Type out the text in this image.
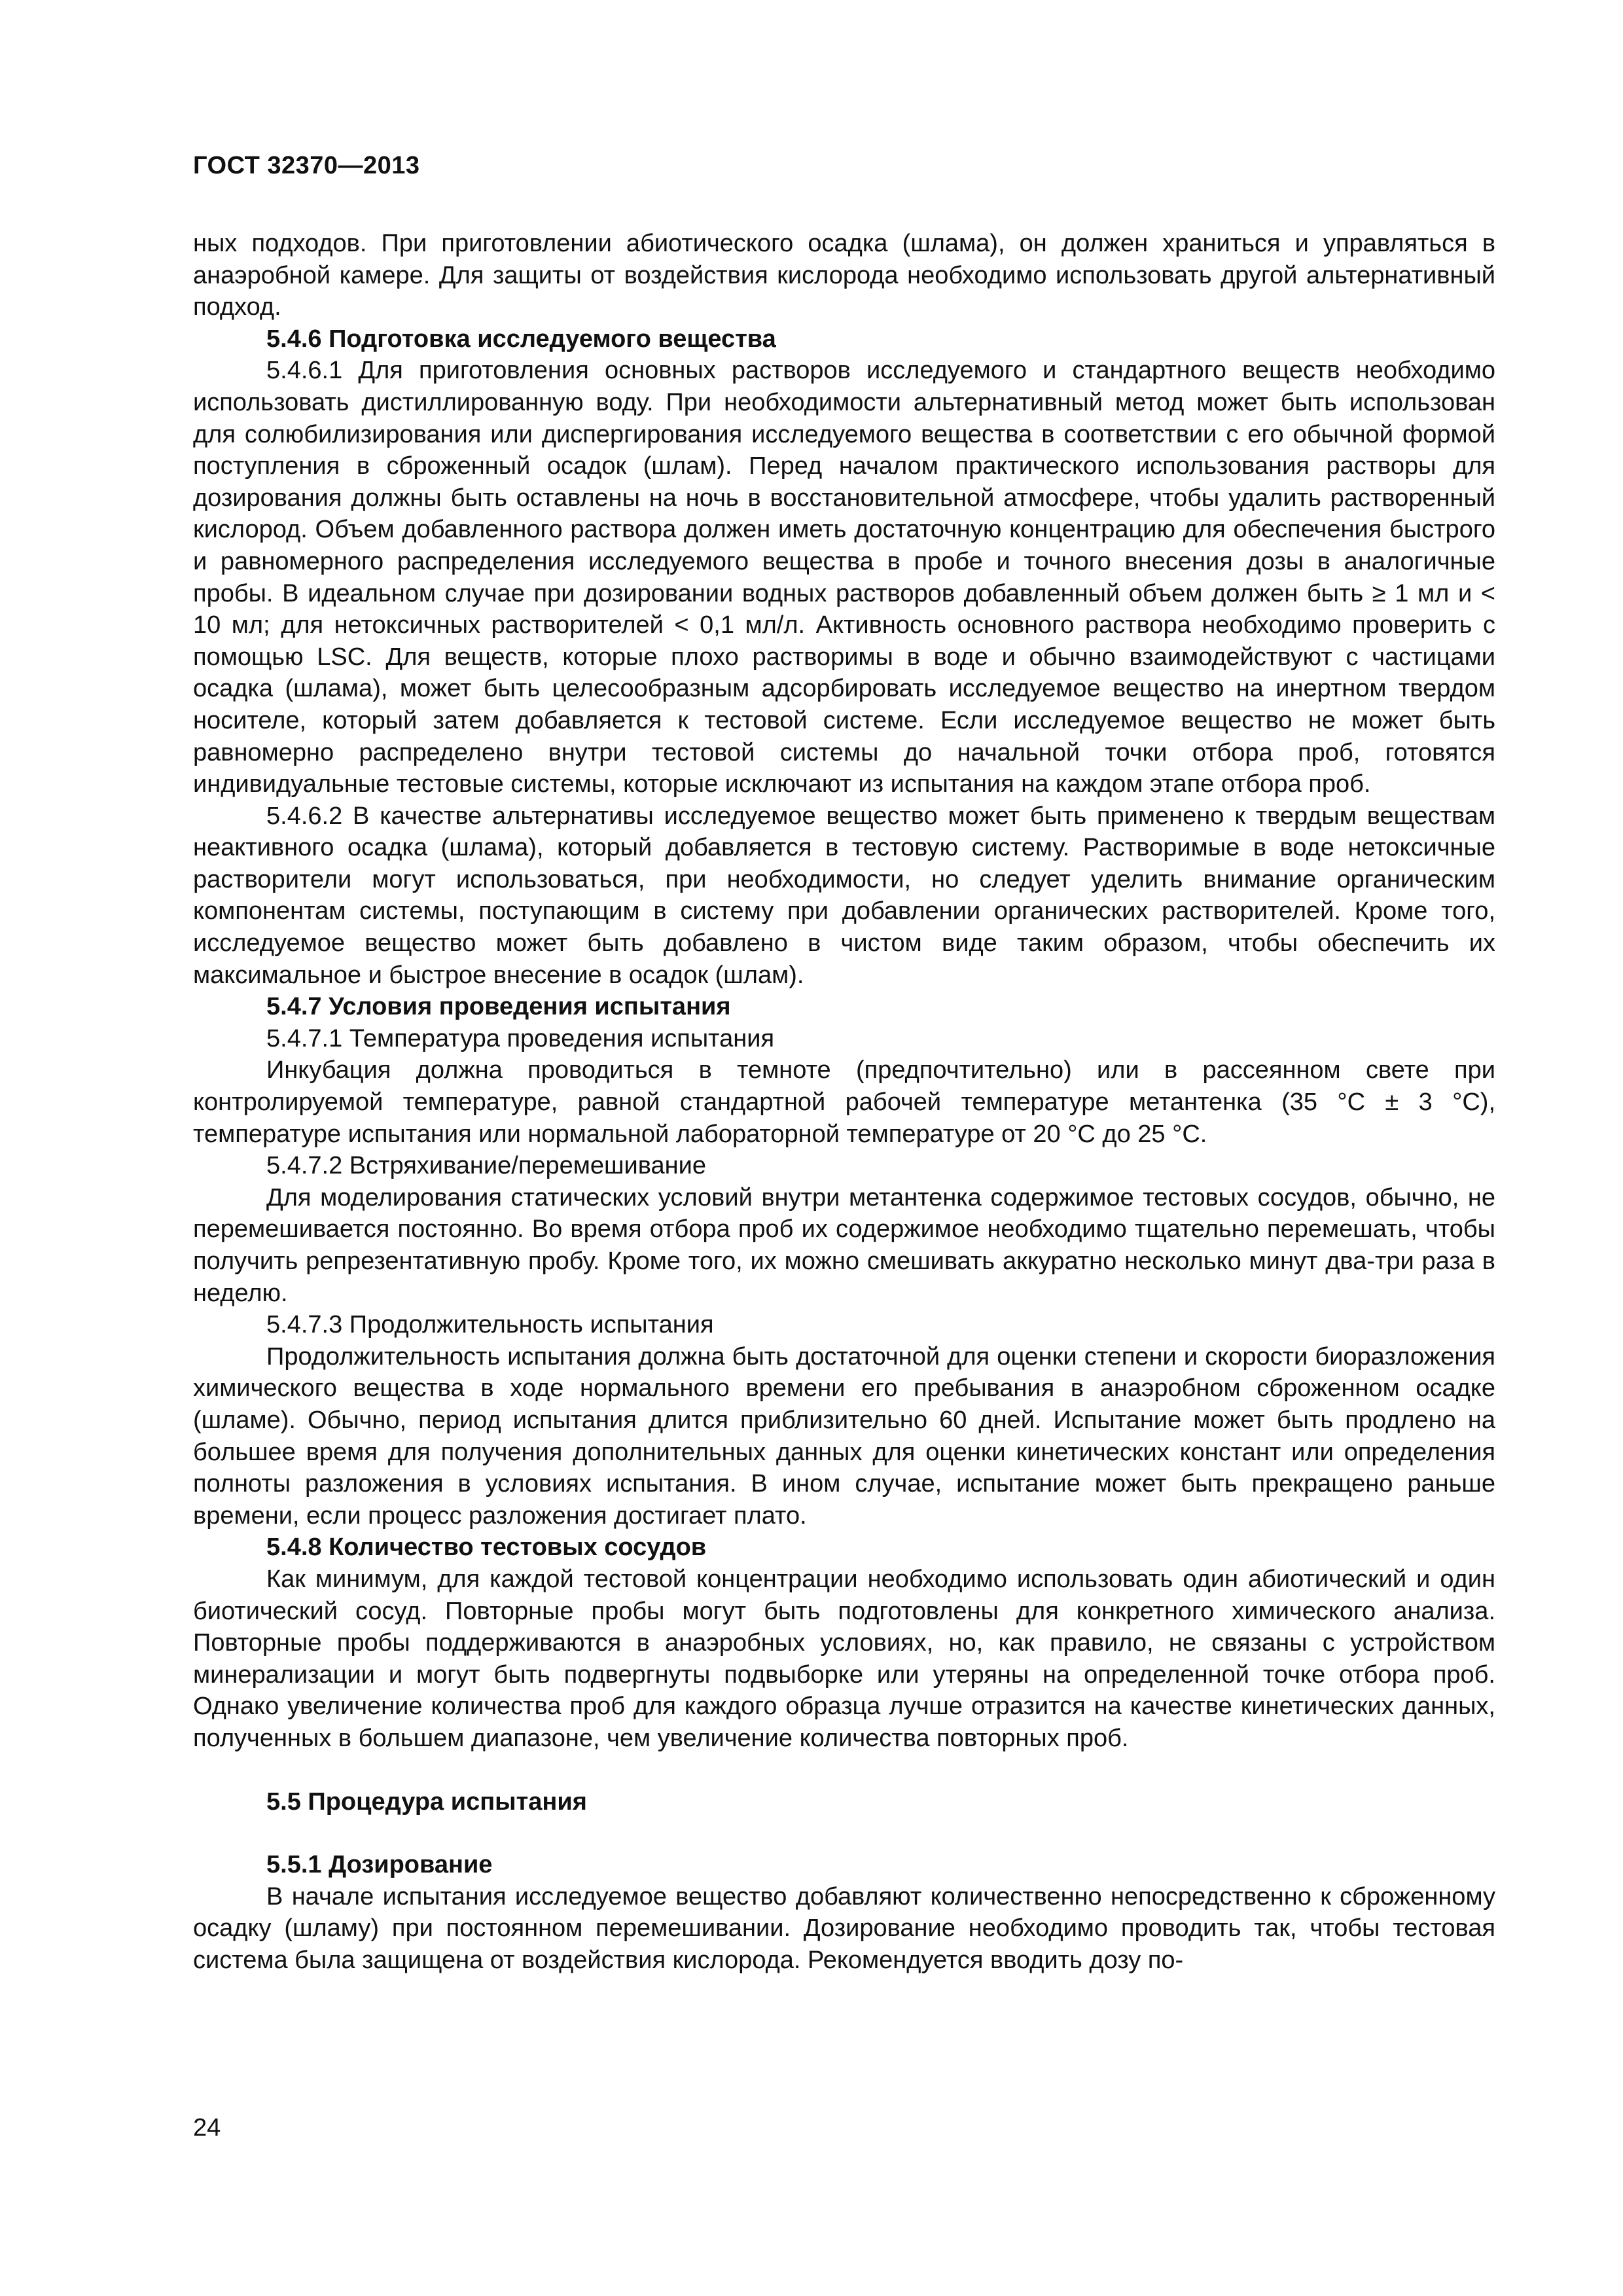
ГОСТ 32370—2013

ных подходов. При приготовлении абиотического осадка (шлама), он должен храниться и управляться в анаэробной камере. Для защиты от воздействия кислорода необходимо использовать другой альтернативный подход.

5.4.6 Подготовка исследуемого вещества

5.4.6.1 Для приготовления основных растворов исследуемого и стандартного веществ необходимо использовать дистиллированную воду. При необходимости альтернативный метод может быть использован для солюбилизирования или диспергирования исследуемого вещества в соответствии с его обычной формой поступления в сброженный осадок (шлам). Перед началом практического использования растворы для дозирования должны быть оставлены на ночь в восстановительной атмосфере, чтобы удалить растворенный кислород. Объем добавленного раствора должен иметь достаточную концентрацию для обеспечения быстрого и равномерного распределения исследуемого вещества в пробе и точного внесения дозы в аналогичные пробы. В идеальном случае при дозировании водных растворов добавленный объем должен быть ≥ 1 мл и < 10 мл; для нетоксичных растворителей < 0,1 мл/л. Активность основного раствора необходимо проверить с помощью LSC. Для веществ, которые плохо растворимы в воде и обычно взаимодействуют с частицами осадка (шлама), может быть целесообразным адсорбировать исследуемое вещество на инертном твердом носителе, который затем добавляется к тестовой системе. Если исследуемое вещество не может быть равномерно распределено внутри тестовой системы до начальной точки отбора проб, готовятся индивидуальные тестовые системы, которые исключают из испытания на каждом этапе отбора проб.

5.4.6.2 В качестве альтернативы исследуемое вещество может быть применено к твердым веществам неактивного осадка (шлама), который добавляется в тестовую систему. Растворимые в воде нетоксичные растворители могут использоваться, при необходимости, но следует уделить внимание органическим компонентам системы, поступающим в систему при добавлении органических растворителей. Кроме того, исследуемое вещество может быть добавлено в чистом виде таким образом, чтобы обеспечить их максимальное и быстрое внесение в осадок (шлам).

5.4.7 Условия проведения испытания

5.4.7.1 Температура проведения испытания

Инкубация должна проводиться в темноте (предпочтительно) или в рассеянном свете при контролируемой температуре, равной стандартной рабочей температуре метантенка (35 °С ± 3 °С), температуре испытания или нормальной лабораторной температуре от 20 °С до 25 °С.

5.4.7.2 Встряхивание/перемешивание

Для моделирования статических условий внутри метантенка содержимое тестовых сосудов, обычно, не перемешивается постоянно. Во время отбора проб их содержимое необходимо тщательно перемешать, чтобы получить репрезентативную пробу. Кроме того, их можно смешивать аккуратно несколько минут два-три раза в неделю.

5.4.7.3 Продолжительность испытания

Продолжительность испытания должна быть достаточной для оценки степени и скорости биоразложения химического вещества в ходе нормального времени его пребывания в анаэробном сброженном осадке (шламе). Обычно, период испытания длится приблизительно 60 дней. Испытание может быть продлено на большее время для получения дополнительных данных для оценки кинетических констант или определения полноты разложения в условиях испытания. В ином случае, испытание может быть прекращено раньше времени, если процесс разложения достигает плато.

5.4.8 Количество тестовых сосудов

Как минимум, для каждой тестовой концентрации необходимо использовать один абиотический и один биотический сосуд. Повторные пробы могут быть подготовлены для конкретного химического анализа. Повторные пробы поддерживаются в анаэробных условиях, но, как правило, не связаны с устройством минерализации и могут быть подвергнуты подвыборке или утеряны на определенной точке отбора проб. Однако увеличение количества проб для каждого образца лучше отразится на качестве кинетических данных, полученных в большем диапазоне, чем увеличение количества повторных проб.

5.5 Процедура испытания

5.5.1 Дозирование

В начале испытания исследуемое вещество добавляют количественно непосредственно к сброженному осадку (шламу) при постоянном перемешивании. Дозирование необходимо проводить так, чтобы тестовая система была защищена от воздействия кислорода. Рекомендуется вводить дозу по-

24
